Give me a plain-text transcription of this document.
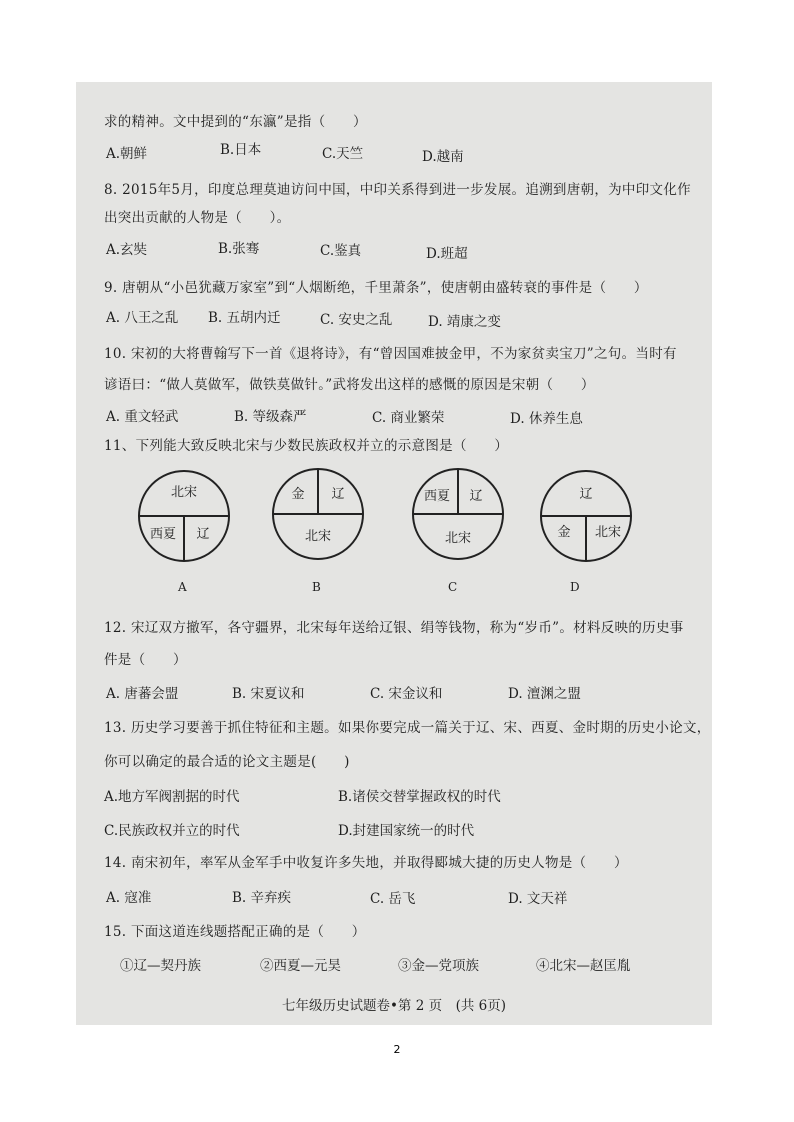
求的精神。文中提到的“东瀛”是指（　　）
A.朝鲜	B.日本	C.天竺	D.越南
8. 2015年5月，印度总理莫迪访问中国，中印关系得到进一步发展。追溯到唐朝，为中印文化作
出突出贡献的人物是（　　）。
A.玄奘	B.张骞	C.鉴真	D.班超
9. 唐朝从“小邑犹藏万家室”到“人烟断绝，千里萧条”，使唐朝由盛转衰的事件是（　　）
A. 八王之乱 B. 五胡内迁	C. 安史之乱	D. 靖康之变
10. 宋初的大将曹翰写下一首《退将诗》，有“曾因国难披金甲，不为家贫卖宝刀”之句。当时有
谚语曰：“做人莫做军，做铁莫做针。”武将发出这样的感慨的原因是宋朝（　　）
A. 重文轻武	B. 等级森严	C. 商业繁荣	D. 休养生息
11、下列能大致反映北宋与少数民族政权并立的示意图是（　　）
北宋
西夏 辽
A
金 辽
北宋
B
西夏 辽
北宋
C
辽
金 北宋
D
12. 宋辽双方撤军，各守疆界，北宋每年送给辽银、绢等钱物，称为“岁币”。材料反映的历史事
件是（　　）
A. 唐蕃会盟	B. 宋夏议和	C. 宋金议和	D. 澶渊之盟
13. 历史学习要善于抓住特征和主题。如果你要完成一篇关于辽、宋、西夏、金时期的历史小论文，
你可以确定的最合适的论文主题是(　　)
A.地方军阀割据的时代	B.诸侯交替掌握政权的时代
C.民族政权并立的时代	D.封建国家统一的时代
14. 南宋初年，率军从金军手中收复许多失地，并取得郾城大捷的历史人物是（　　）
A. 寇准	B. 辛弃疾	C. 岳飞	D. 文天祥
15. 下面这道连线题搭配正确的是（　　）
①辽—契丹族	②西夏—元昊	③金—党项族	④北宋—赵匡胤
七年级历史试题卷•第 2 页　(共 6页)
2
